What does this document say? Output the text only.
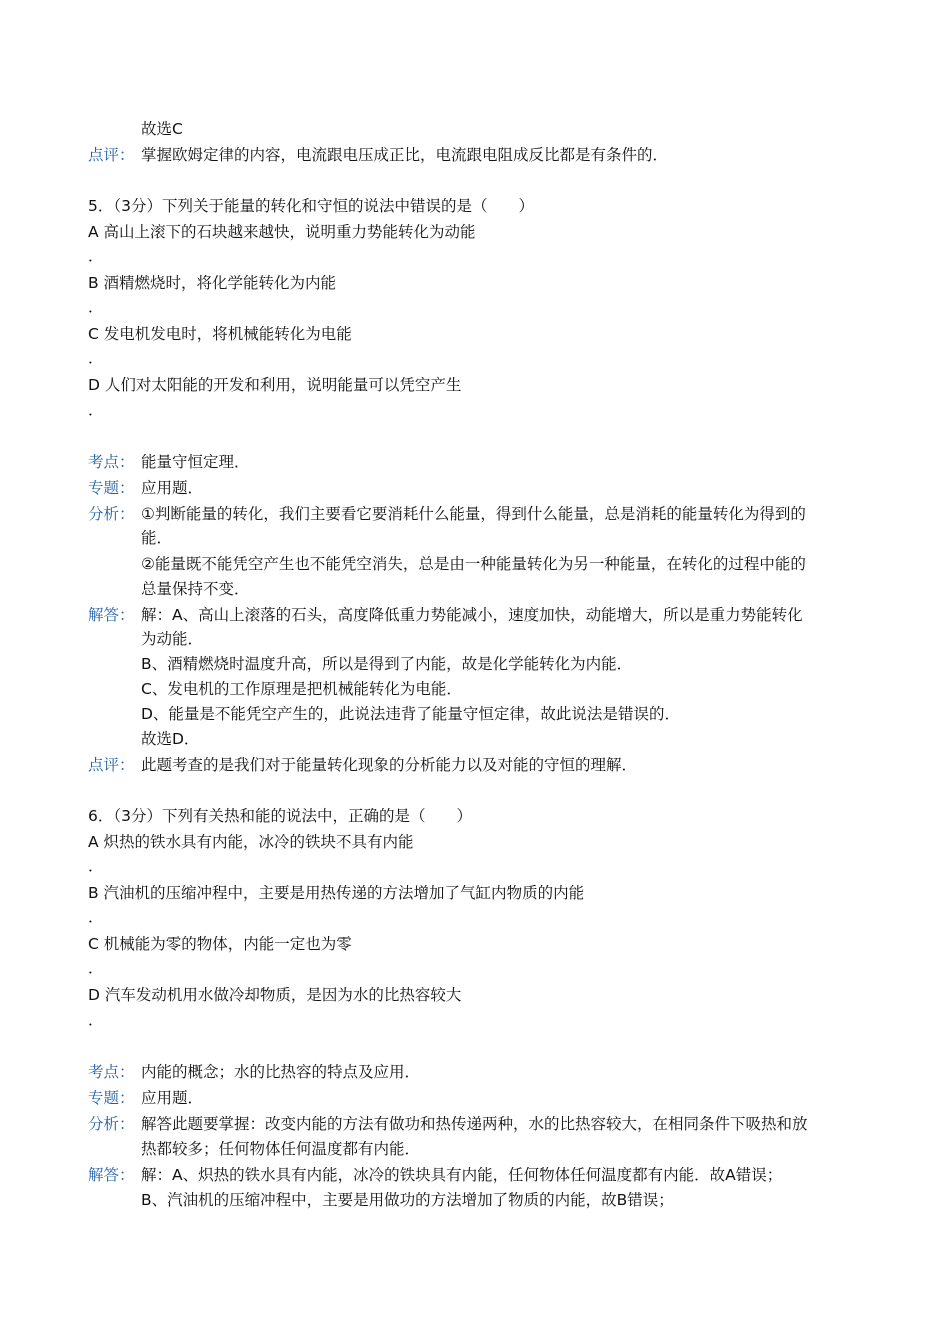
故选C
点评： 掌握欧姆定律的内容，电流跟电压成正比，电流跟电阻成反比都是有条件的．
5．（3分）下列关于能量的转化和守恒的说法中错误的是（　　）
A 高山上滚下的石块越来越快，说明重力势能转化为动能
．
B 酒精燃烧时，将化学能转化为内能
．
C 发电机发电时，将机械能转化为电能
．
D 人们对太阳能的开发和利用，说明能量可以凭空产生
．
考点： 能量守恒定理．
专题： 应用题．
分析： ①判断能量的转化，我们主要看它要消耗什么能量，得到什么能量，总是消耗的能量转化为得到的
能．
②能量既不能凭空产生也不能凭空消失，总是由一种能量转化为另一种能量，在转化的过程中能的
总量保持不变．
解答： 解：A、高山上滚落的石头，高度降低重力势能减小，速度加快，动能增大，所以是重力势能转化
为动能．
B、酒精燃烧时温度升高，所以是得到了内能，故是化学能转化为内能．
C、发电机的工作原理是把机械能转化为电能．
D、能量是不能凭空产生的，此说法违背了能量守恒定律，故此说法是错误的．
故选D．
点评： 此题考查的是我们对于能量转化现象的分析能力以及对能的守恒的理解．
6．（3分）下列有关热和能的说法中，正确的是（　　）
A 炽热的铁水具有内能，冰冷的铁块不具有内能
．
B 汽油机的压缩冲程中，主要是用热传递的方法增加了气缸内物质的内能
．
C 机械能为零的物体，内能一定也为零
．
D 汽车发动机用水做冷却物质，是因为水的比热容较大
．
考点： 内能的概念；水的比热容的特点及应用．
专题： 应用题．
分析： 解答此题要掌握：改变内能的方法有做功和热传递两种，水的比热容较大，在相同条件下吸热和放
热都较多；任何物体任何温度都有内能．
解答： 解：A、炽热的铁水具有内能，冰冷的铁块具有内能，任何物体任何温度都有内能．故A错误；
B、汽油机的压缩冲程中，主要是用做功的方法增加了物质的内能，故B错误；
